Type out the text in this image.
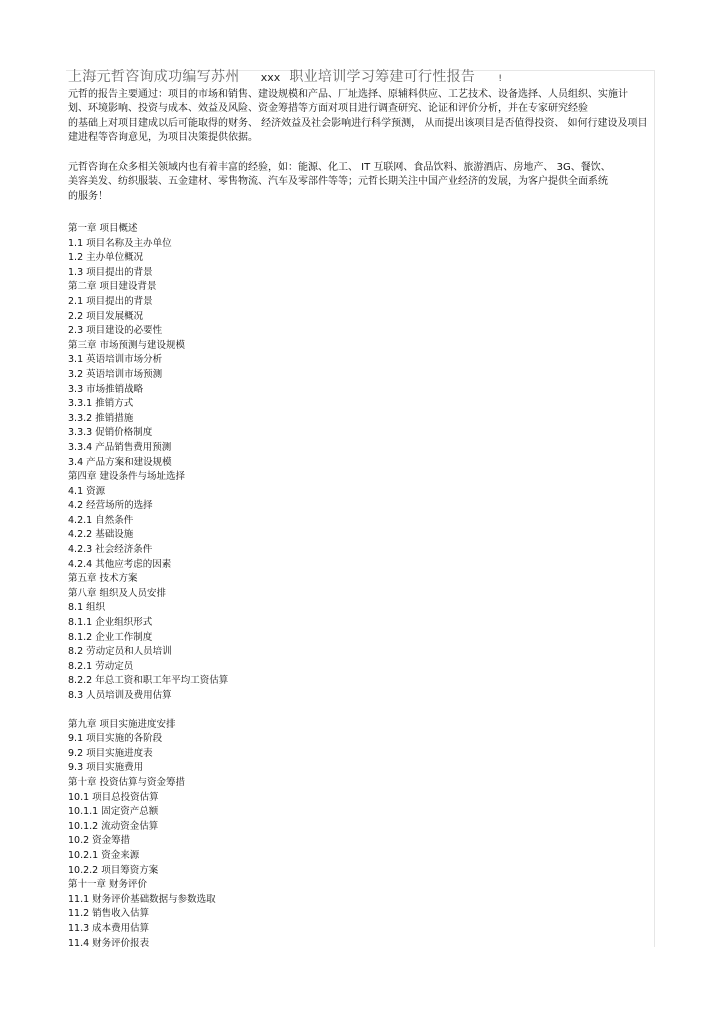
上海元哲咨询成功编写苏州 xxx 职业培训学习筹建可行性报告	!
元哲的报告主要通过：项目的市场和销售、建设规模和产品、厂址选择、原辅料供应、工艺技术、设备选择、人员组织、实施计
划、环境影响、投资与成本、效益及风险、资金筹措等方面对项目进行调查研究、论证和评价分析，并在专家研究经验
的基础上对项目建成以后可能取得的财务、 经济效益及社会影响进行科学预测， 从而提出该项目是否值得投资、 如何行建设及项目
建进程等咨询意见，为项目决策提供依据。
元哲咨询在众多相关领域内也有着丰富的经验，如：能源、化工、 IT 互联网、食品饮料、旅游酒店、房地产、 3G、餐饮、
美容美发、纺织服装、五金建材、零售物流、汽车及零部件等等；元哲长期关注中国产业经济的发展，为客户提供全面系统
的服务！
第一章 项目概述
1.1 项目名称及主办单位
1.2 主办单位概况
1.3 项目提出的背景
第二章 项目建设背景
2.1 项目提出的背景
2.2 项目发展概况
2.3 项目建设的必要性
第三章 市场预测与建设规模
3.1 英语培训市场分析
3.2 英语培训市场预测
3.3 市场推销战略
3.3.1 推销方式
3.3.2 推销措施
3.3.3 促销价格制度
3.3.4 产品销售费用预测
3.4 产品方案和建设规模
第四章 建设条件与场址选择
4.1 资源
4.2 经营场所的选择
4.2.1 自然条件
4.2.2 基础设施
4.2.3 社会经济条件
4.2.4 其他应考虑的因素
第五章 技术方案
第八章 组织及人员安排
8.1 组织
8.1.1 企业组织形式
8.1.2 企业工作制度
8.2 劳动定员和人员培训
8.2.1 劳动定员
8.2.2 年总工资和职工年平均工资估算
8.3 人员培训及费用估算
第九章 项目实施进度安排
9.1 项目实施的各阶段
9.2 项目实施进度表
9.3 项目实施费用
第十章 投资估算与资金筹措
10.1 项目总投资估算
10.1.1 固定资产总额
10.1.2 流动资金估算
10.2 资金筹措
10.2.1 资金来源
10.2.2 项目筹资方案
第十一章 财务评价
11.1 财务评价基础数据与参数选取
11.2 销售收入估算
11.3 成本费用估算
11.4 财务评价报表
